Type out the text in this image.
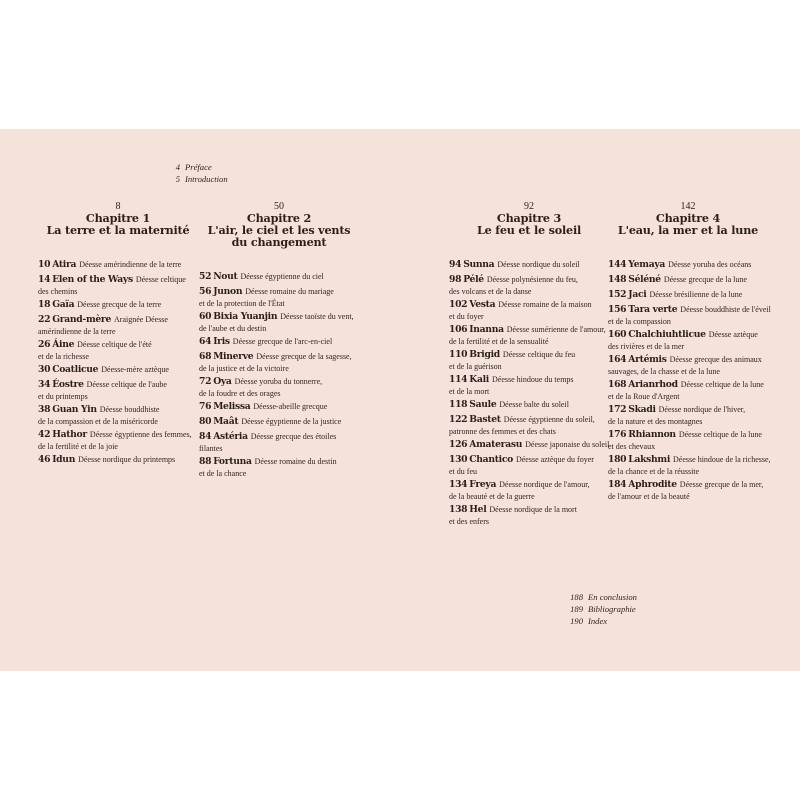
4 Préface
5 Introduction
8
Chapitre 1
La terre et la maternité
10 Atira Déesse amérindienne de la terre
14 Elen of the Ways Déesse celtique
des chemins
18 Gaïa Déesse grecque de la terre
22 Grand-mère Araignée Déesse
amérindienne de la terre
26 Áine Déesse celtique de l'été
et de la richesse
30 Coatlicue Déesse-mère aztèque
34 Éostre Déesse celtique de l'aube
et du printemps
38 Guan Yin Déesse bouddhiste
de la compassion et de la miséricorde
42 Hathor Déesse égyptienne des femmes,
de la fertilité et de la joie
46 Idun Déesse nordique du printemps
50
Chapitre 2
L'air, le ciel et les vents
du changement
52 Nout Déesse égyptienne du ciel
56 Junon Déesse romaine du mariage
et de la protection de l'État
60 Bixia Yuanjin Déesse taoïste du vent,
de l'aube et du destin
64 Iris Déesse grecque de l'arc-en-ciel
68 Minerve Déesse grecque de la sagesse,
de la justice et de la victoire
72 Oya Déesse yoruba du tonnerre,
de la foudre et des orages
76 Melissa Déesse-abeille grecque
80 Maât Déesse égyptienne de la justice
84 Astéria Déesse grecque des étoiles
filantes
88 Fortuna Déesse romaine du destin
et de la chance
92
Chapitre 3
Le feu et le soleil
94 Sunna Déesse nordique du soleil
98 Pélé Déesse polynésienne du feu,
des volcans et de la danse
102 Vesta Déesse romaine de la maison
et du foyer
106 Inanna Déesse sumérienne de l'amour,
de la fertilité et de la sensualité
110 Brigid Déesse celtique du feu
et de la guérison
114 Kali Déesse hindoue du temps
et de la mort
118 Saule Déesse balte du soleil
122 Bastet Déesse égyptienne du soleil,
patronne des femmes et des chats
126 Amaterasu Déesse japonaise du soleil
130 Chantico Déesse aztèque du foyer
et du feu
134 Freya Déesse nordique de l'amour,
de la beauté et de la guerre
138 Hel Déesse nordique de la mort
et des enfers
142
Chapitre 4
L'eau, la mer et la lune
144 Yemaya Déesse yoruba des océans
148 Séléné Déesse grecque de la lune
152 Jaci Déesse brésilienne de la lune
156 Tara verte Déesse bouddhiste de l'éveil
et de la compassion
160 Chalchiuhtlicue Déesse aztèque
des rivières et de la mer
164 Artémis Déesse grecque des animaux
sauvages, de la chasse et de la lune
168 Arianrhod Déesse celtique de la lune
et de la Roue d'Argent
172 Skadi Déesse nordique de l'hiver,
de la nature et des montagnes
176 Rhiannon Déesse celtique de la lune
et des chevaux
180 Lakshmi Déesse hindoue de la richesse,
de la chance et de la réussite
184 Aphrodite Déesse grecque de la mer,
de l'amour et de la beauté
188 En conclusion
189 Bibliographie
190 Index
